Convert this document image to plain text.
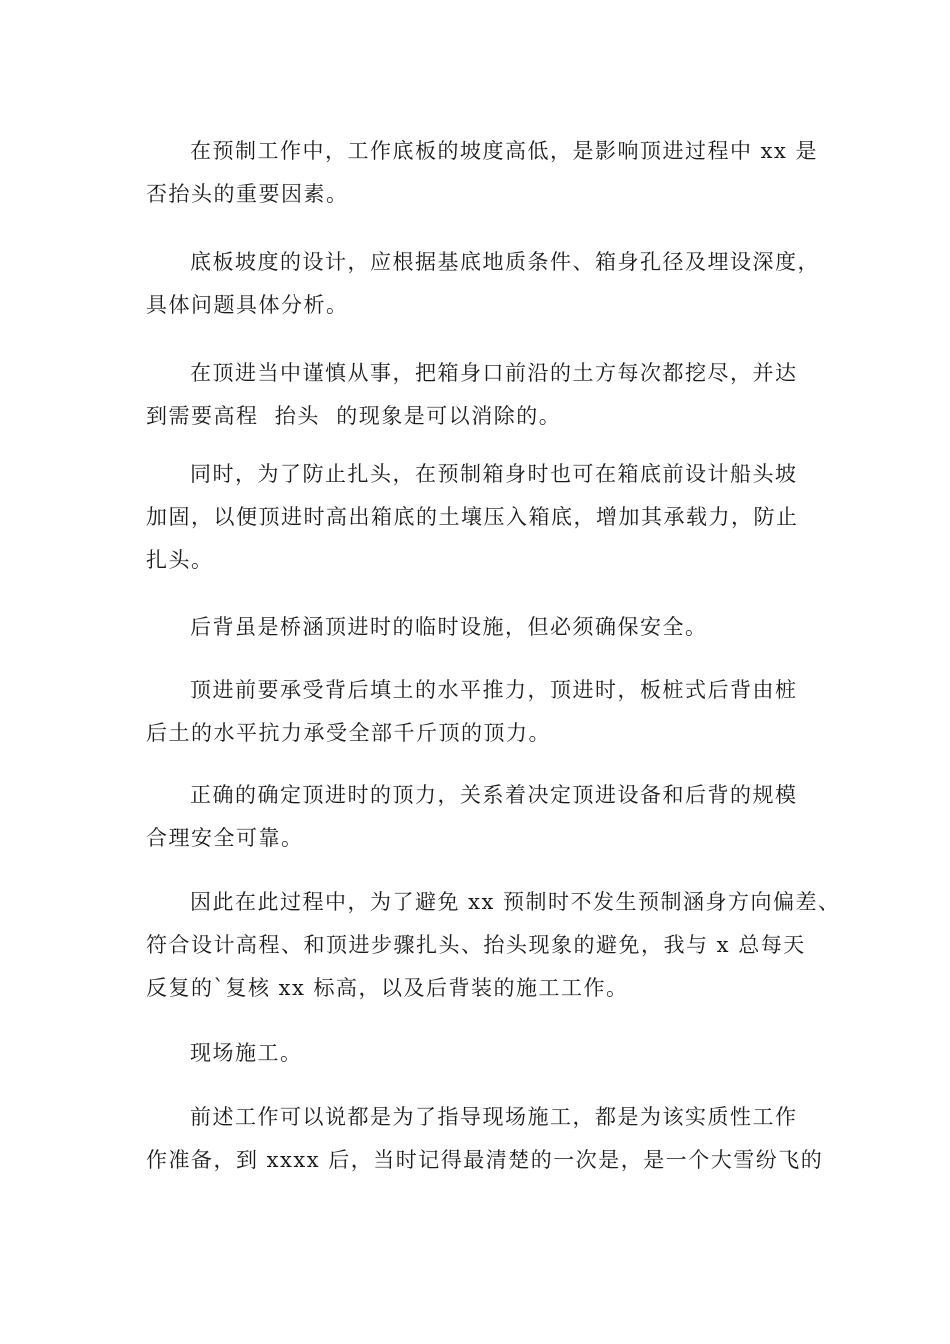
在预制工作中，工作底板的坡度高低，是影响顶进过程中 xx 是
否抬头的重要因素。
底板坡度的设计，应根据基底地质条件、箱身孔径及埋设深度，
具体问题具体分析。
在顶进当中谨慎从事，把箱身口前沿的土方每次都挖尽，并达
到需要高程  抬头  的现象是可以消除的。
同时，为了防止扎头，在预制箱身时也可在箱底前设计船头坡
加固，以便顶进时高出箱底的土壤压入箱底，增加其承载力，防止
扎头。
后背虽是桥涵顶进时的临时设施，但必须确保安全。
顶进前要承受背后填土的水平推力，顶进时，板桩式后背由桩
后土的水平抗力承受全部千斤顶的顶力。
正确的确定顶进时的顶力，关系着决定顶进设备和后背的规模
合理安全可靠。
因此在此过程中，为了避免 xx 预制时不发生预制涵身方向偏差、
符合设计高程、和顶进步骤扎头、抬头现象的避免，我与 x 总每天
反复的`复核 xx 标高，以及后背装的施工工作。
现场施工。
前述工作可以说都是为了指导现场施工，都是为该实质性工作
作准备，到 xxxx 后，当时记得最清楚的一次是，是一个大雪纷飞的
